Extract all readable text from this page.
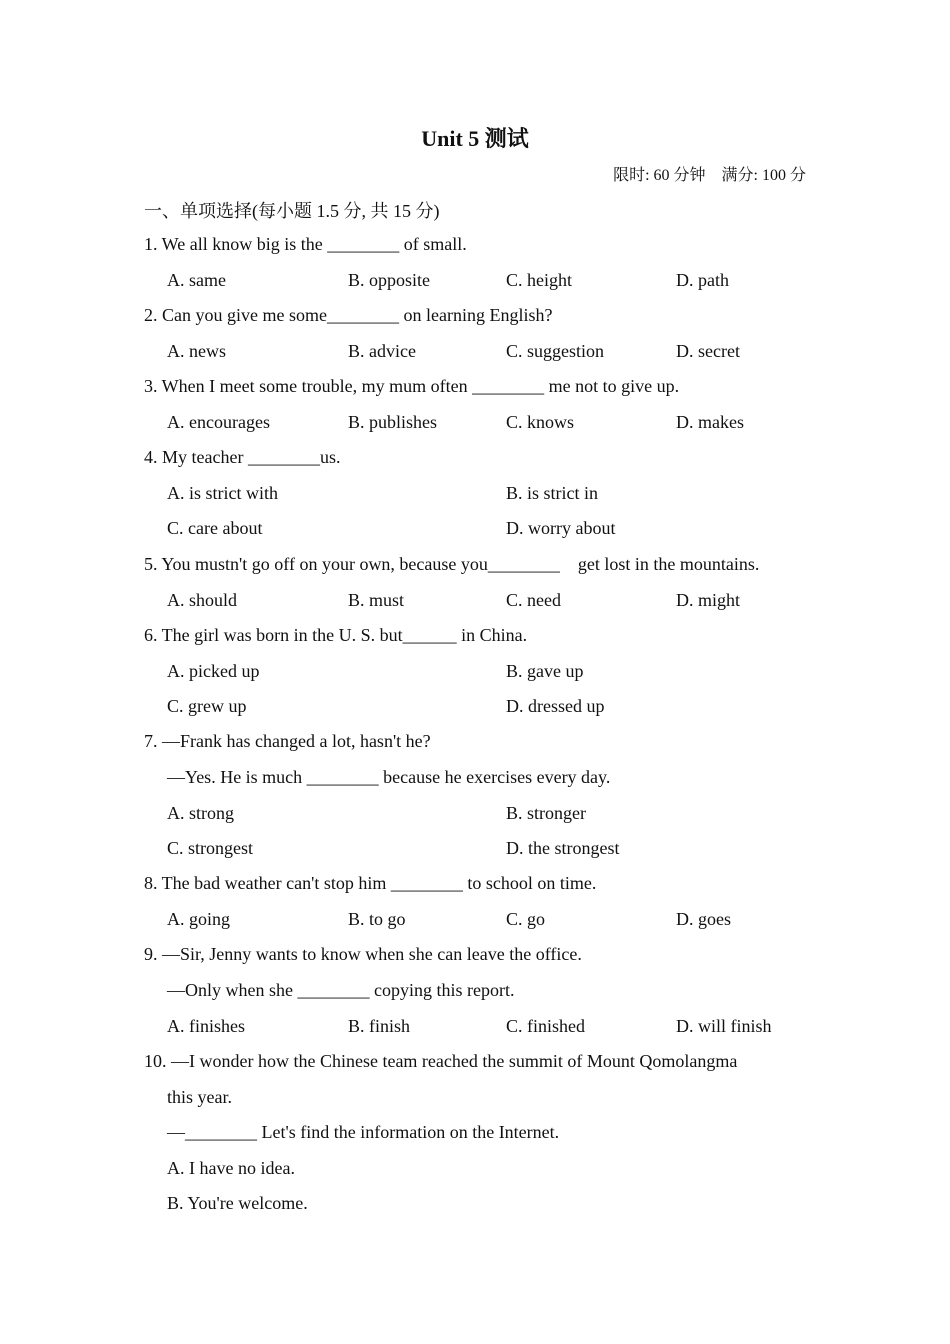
Unit 5 测试
限时: 60 分钟    满分: 100 分
一、单项选择(每小题 1.5 分, 共 15 分)
1. We all know big is the ________ of small.
A. same	B. opposite	C. height	D. path
2. Can you give me some________ on learning English?
A. news	B. advice	C. suggestion	D. secret
3. When I meet some trouble, my mum often ________ me not to give up.
A. encourages	B. publishes	C. knows	D. makes
4. My teacher ________us.
A. is strict with	B. is strict in
C. care about	D. worry about
5. You mustn't go off on your own, because you________    get lost in the mountains.
A. should	B. must	C. need	D. might
6. The girl was born in the U. S. but______ in China.
A. picked up	B. gave up
C. grew up	D. dressed up
7. —Frank has changed a lot, hasn't he?
—Yes. He is much ________ because he exercises every day.
A. strong	B. stronger
C. strongest	D. the strongest
8. The bad weather can't stop him ________ to school on time.
A. going	B. to go	C. go	D. goes
9. —Sir, Jenny wants to know when she can leave the office.
—Only when she ________ copying this report.
A. finishes	B. finish	C. finished	D. will finish
10. —I wonder how the Chinese team reached the summit of Mount Qomolangma
this year.
—________ Let's find the information on the Internet.
A. I have no idea.
B. You're welcome.
